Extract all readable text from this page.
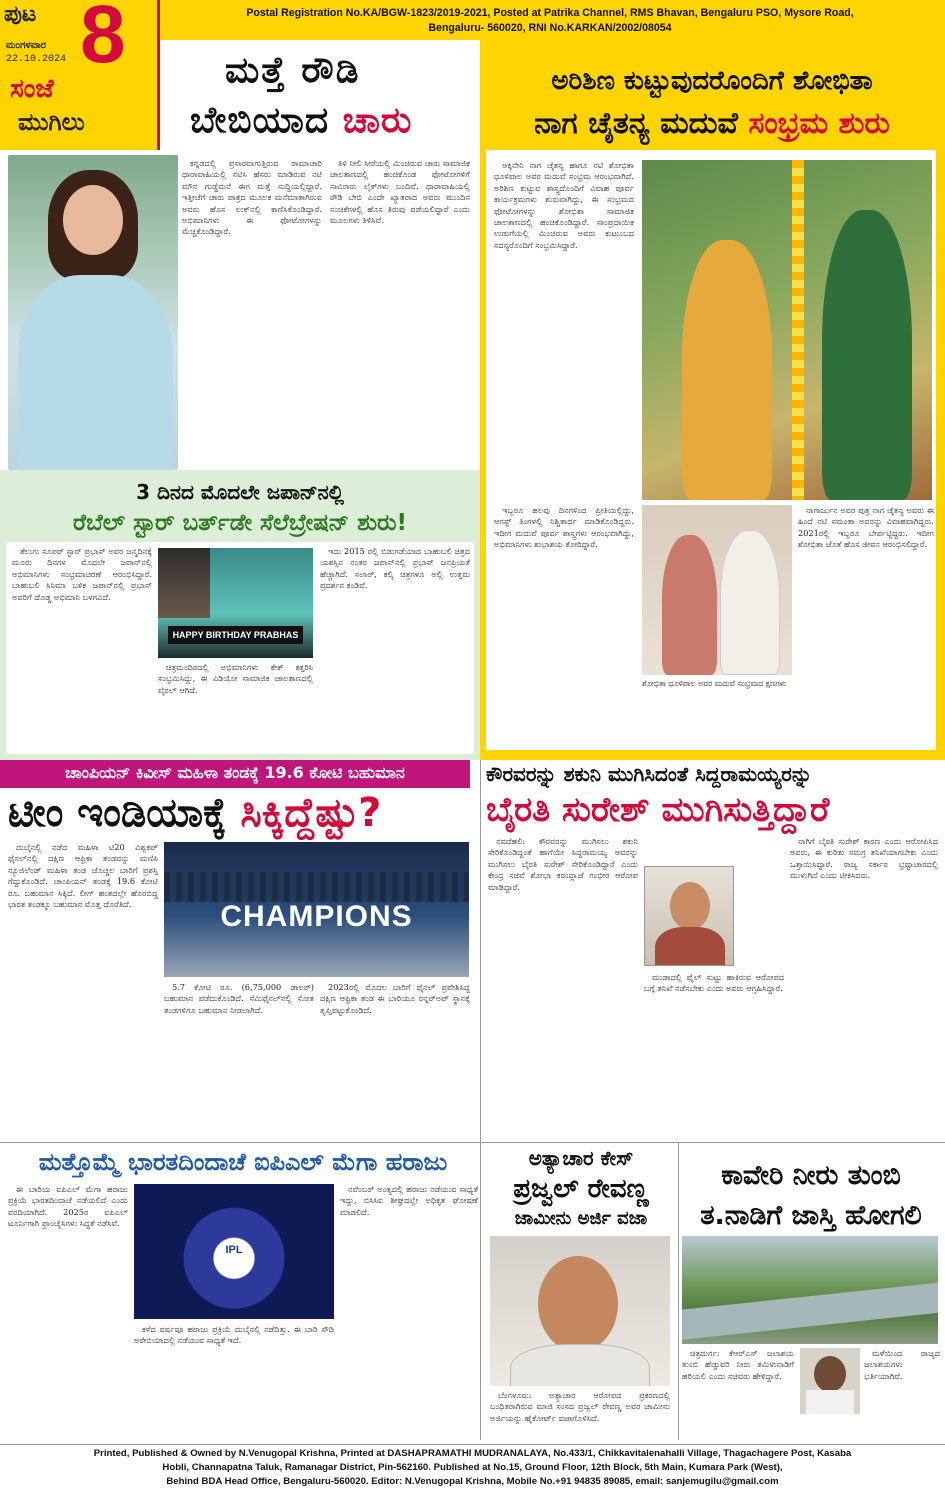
Postal Registration No.KA/BGW-1823/2019-2021, Posted at Patrika Channel, RMS Bhavan, Bengaluru PSO, Mysore Road,
Bengaluru- 560020, RNI No.KARKAN/2002/08054
ಪುಟ 8
ಮಂಗಳವಾರ
22.10.2024
ಸಂಜೆ
ಮುಗಿಲು
ಮತ್ತೆ ರೌಡಿ
ಬೇಬಿಯಾದ ಚಾರು

ಕನ್ನಡದಲ್ಲಿ ಪ್ರಸಾರವಾಗುತ್ತಿರುವ ರಾಮಾಚಾರಿ ಧಾರಾವಾಹಿಯಲ್ಲಿ ನಟಿಸಿ ಹೆಸರು ಮಾಡಿರುವ ನಟಿ ಮೌನ ಗುಡ್ಡೆಮನೆ ಈಗ ಮತ್ತೆ ಸುದ್ದಿಯಲ್ಲಿದ್ದಾರೆ. ಇತ್ತೀಚೆಗೆ ಚಾರು ಪಾತ್ರದ ಮೂಲಕ ಮನೆಮಾತಾಗಿರುವ ಅವರು ಹೊಸ ಲುಕ್‌ನಲ್ಲಿ ಕಾಣಿಸಿಕೊಂಡಿದ್ದಾರೆ. ಅಭಿಮಾನಿಗಳು ಈ ಫೋಟೋಗಳನ್ನು ಮೆಚ್ಚಿಕೊಂಡಿದ್ದಾರೆ.

ತಿಳಿ ನೀಲಿ ಸೀರೆಯಲ್ಲಿ ಮಿಂಚಿರುವ ಚಾರು ಸಾಮಾಜಿಕ ಜಾಲತಾಣದಲ್ಲಿ ಹಂಚಿಕೊಂಡ ಫೋಟೋಗಳಿಗೆ ಸಾವಿರಾರು ಲೈಕ್‌ಗಳು ಬಂದಿವೆ. ಧಾರಾವಾಹಿಯಲ್ಲಿ ರೌಡಿ ಬೇಬಿ ಎಂದೇ ಖ್ಯಾತರಾದ ಅವರು ಮುಂದಿನ ಸಂಚಿಕೆಗಳಲ್ಲಿ ಹೊಸ ತಿರುವು ಪಡೆಯಲಿದ್ದಾರೆ ಎಂದು ಮೂಲಗಳು ತಿಳಿಸಿವೆ.

ಅರಿಶಿಣ ಕುಟ್ಟುವುದರೊಂದಿಗೆ ಶೋಭಿತಾ
ನಾಗ ಚೈತನ್ಯ ಮದುವೆ ಸಂಭ್ರಮ ಶುರು

ಅಕ್ಕಿನೇನಿ ನಾಗ ಚೈತನ್ಯ ಹಾಗೂ ನಟಿ ಶೋಭಿತಾ ಧೂಳಿಪಾಲ ಅವರ ಮದುವೆ ಸಂಭ್ರಮ ಆರಂಭವಾಗಿದೆ. ಅರಿಶಿಣ ಕುಟ್ಟುವ ಶಾಸ್ತ್ರದೊಂದಿಗೆ ವಿವಾಹ ಪೂರ್ವ ಕಾರ್ಯಕ್ರಮಗಳು ಶುರುವಾಗಿದ್ದು, ಈ ಸಂಭ್ರಮದ ಫೋಟೋಗಳನ್ನು ಶೋಭಿತಾ ಸಾಮಾಜಿಕ ಜಾಲತಾಣದಲ್ಲಿ ಹಂಚಿಕೊಂಡಿದ್ದಾರೆ. ಸಾಂಪ್ರದಾಯಿಕ ಉಡುಗೆಯಲ್ಲಿ ಮಿಂಚಿರುವ ಅವರು ಕುಟುಂಬದ ಸದಸ್ಯರೊಂದಿಗೆ ಸಂಭ್ರಮಿಸಿದ್ದಾರೆ.

ಇಬ್ಬರೂ ಹಲವು ದಿನಗಳಿಂದ ಪ್ರೀತಿಯಲ್ಲಿದ್ದು, ಆಗಸ್ಟ್ ತಿಂಗಳಲ್ಲಿ ನಿಶ್ಚಿತಾರ್ಥ ಮಾಡಿಕೊಂಡಿದ್ದರು. ಇದೀಗ ಮದುವೆ ಪೂರ್ವ ಶಾಸ್ತ್ರಗಳು ಆರಂಭವಾಗಿದ್ದು, ಅಭಿಮಾನಿಗಳು ಶುಭಾಶಯ ಕೋರಿದ್ದಾರೆ.

ಶೋಭಿತಾ ಧೂಳಿಪಾಲ ಅವರ ಮದುವೆ ಸಂಭ್ರಮದ ಕ್ಷಣಗಳು

ನಾಗಾರ್ಜುನ ಅವರ ಪುತ್ರ ನಾಗ ಚೈತನ್ಯ ಅವರು ಈ ಹಿಂದೆ ನಟಿ ಸಮಂತಾ ಅವರನ್ನು ವಿವಾಹವಾಗಿದ್ದರು. 2021ರಲ್ಲಿ ಇಬ್ಬರೂ ಬೇರ್ಪಟ್ಟಿದ್ದರು. ಇದೀಗ ಶೋಭಿತಾ ಜೊತೆ ಹೊಸ ಜೀವನ ಆರಂಭಿಸಲಿದ್ದಾರೆ.

3 ದಿನದ ಮೊದಲೇ ಜಪಾನ್‌ನಲ್ಲಿ
ರೆಬೆಲ್ ಸ್ಟಾರ್ ಬರ್ತ್‌ಡೇ ಸೆಲೆಬ್ರೇಷನ್ ಶುರು!

ತೆಲುಗು ಸೂಪರ್ ಸ್ಟಾರ್ ಪ್ರಭಾಸ್ ಅವರ ಜನ್ಮದಿನಕ್ಕೆ ಮೂರು ದಿನಗಳ ಮೊದಲೇ ಜಪಾನ್‌ನಲ್ಲಿ ಅಭಿಮಾನಿಗಳು ಸಂಭ್ರಮಾಚರಣೆ ಆರಂಭಿಸಿದ್ದಾರೆ. ಬಾಹುಬಲಿ ಸಿನಿಮಾ ಬಳಿಕ ಜಪಾನ್‌ನಲ್ಲಿ ಪ್ರಭಾಸ್ ಅವರಿಗೆ ದೊಡ್ಡ ಅಭಿಮಾನಿ ಬಳಗವಿದೆ.

HAPPY BIRTHDAY PRABHAS

ಚಿತ್ರಮಂದಿರದಲ್ಲಿ ಅಭಿಮಾನಿಗಳು ಕೇಕ್ ಕತ್ತರಿಸಿ ಸಂಭ್ರಮಿಸಿದ್ದು, ಈ ವಿಡಿಯೋ ಸಾಮಾಜಿಕ ಜಾಲತಾಣದಲ್ಲಿ ವೈರಲ್ ಆಗಿದೆ.

ಇದು 2015 ರಲ್ಲಿ ಬಿಡುಗಡೆಯಾದ ಬಾಹುಬಲಿ ಚಿತ್ರದ ಯಶಸ್ಸಿನ ನಂತರ ಜಪಾನ್‌ನಲ್ಲಿ ಪ್ರಭಾಸ್ ಜನಪ್ರಿಯತೆ ಹೆಚ್ಚಾಗಿದೆ. ಸಲಾರ್, ಕಲ್ಕಿ ಚಿತ್ರಗಳೂ ಅಲ್ಲಿ ಉತ್ತಮ ಪ್ರದರ್ಶನ ಕಂಡಿವೆ.

ಚಾಂಪಿಯನ್ ಕಿವೀಸ್ ಮಹಿಳಾ ತಂಡಕ್ಕೆ 19.6 ಕೋಟಿ ಬಹುಮಾನ
ಟೀಂ ಇಂಡಿಯಾಕ್ಕೆ ಸಿಕ್ಕಿದ್ದೆಷ್ಟು?

ದುಬೈನಲ್ಲಿ ನಡೆದ ಮಹಿಳಾ ಟಿ20 ವಿಶ್ವಕಪ್ ಫೈನಲ್‌ನಲ್ಲಿ ದಕ್ಷಿಣ ಆಫ್ರಿಕಾ ತಂಡವನ್ನು ಮಣಿಸಿ ನ್ಯೂಜಿಲೆಂಡ್ ಮಹಿಳಾ ತಂಡ ಚೊಚ್ಚಲ ಬಾರಿಗೆ ಪ್ರಶಸ್ತಿ ಗೆದ್ದುಕೊಂಡಿದೆ. ಚಾಂಪಿಯನ್ ತಂಡಕ್ಕೆ 19.6 ಕೋಟಿ ರೂ. ಬಹುಮಾನ ಸಿಕ್ಕಿದೆ. ಲೀಗ್ ಹಂತದಲ್ಲೇ ಹೊರಬಿದ್ದ ಭಾರತ ತಂಡಕ್ಕೂ ಬಹುಮಾನ ಮೊತ್ತ ದೊರೆತಿದೆ.	CHAMPIONS

5.7 ಕೋಟಿ ರೂ. (6,75,000 ಡಾಲರ್) ಬಹುಮಾನ ಪಡೆದುಕೊಂಡಿದೆ. ಸೆಮಿಫೈನಲ್‌ನಲ್ಲಿ ಸೋತ ತಂಡಗಳಿಗೂ ಬಹುಮಾನ ನೀಡಲಾಗಿದೆ.

2023ರಲ್ಲಿ ಮೊದಲ ಬಾರಿಗೆ ಫೈನಲ್ ಪ್ರವೇಶಿಸಿದ್ದ ದಕ್ಷಿಣ ಆಫ್ರಿಕಾ ತಂಡ ಈ ಬಾರಿಯೂ ರನ್ನರ್‌ಅಪ್ ಸ್ಥಾನಕ್ಕೆ ತೃಪ್ತಿಪಟ್ಟುಕೊಂಡಿದೆ.

ಕೌರವರನ್ನು ಶಕುನಿ ಮುಗಿಸಿದಂತೆ ಸಿದ್ದರಾಮಯ್ಯರನ್ನು
ಬೈರತಿ ಸುರೇಶ್ ಮುಗಿಸುತ್ತಿದ್ದಾರೆ

ನವದೆಹಲಿ: ಕೌರವರನ್ನು ಮುಗಿಸಲು ಶಕುನಿ ಸೇರಿಕೊಂಡಿದ್ದಂತೆ ಹಾಗೆಯೇ ಸಿದ್ದರಾಮಯ್ಯ ಅವರನ್ನು ಮುಗಿಸಲು ಬೈರತಿ ಸುರೇಶ್ ಸೇರಿಕೊಂಡಿದ್ದಾರೆ ಎಂದು ಕೇಂದ್ರ ಸಚಿವೆ ಶೋಭಾ ಕರಂದ್ಲಾಜೆ ಗಂಭೀರ ಆರೋಪ ಮಾಡಿದ್ದಾರೆ.

ಮುಡಾದಲ್ಲಿ ಫೈಲ್ ಸುಟ್ಟು ಹಾಕಿರುವ ಆರೋಪದ ಬಗ್ಗೆ ತನಿಖೆ ನಡೆಸಬೇಕು ಎಂದು ಅವರು ಆಗ್ರಹಿಸಿದ್ದಾರೆ.

ನಾಗಿಗೆ ಬೈರತಿ ಸುರೇಶ್ ಕಾರಣ ಎಂದು ಆರೋಪಿಸಿದ ಅವರು, ಈ ಕುರಿತು ಸಮಗ್ರ ತನಿಖೆಯಾಗಬೇಕು ಎಂದು ಒತ್ತಾಯಿಸಿದ್ದಾರೆ. ರಾಜ್ಯ ಸರ್ಕಾರ ಭ್ರಷ್ಟಾಚಾರದಲ್ಲಿ ಮುಳುಗಿದೆ ಎಂದು ಟೀಕಿಸಿದರು.

ಅತ್ಯಾಚಾರ ಕೇಸ್
ಪ್ರಜ್ವಲ್ ರೇವಣ್ಣ
ಜಾಮೀನು ಅರ್ಜಿ ವಜಾ

ಬೆಂಗಳೂರು: ಅತ್ಯಾಚಾರ ಆರೋಪದ ಪ್ರಕರಣದಲ್ಲಿ ಬಂಧಿತರಾಗಿರುವ ಮಾಜಿ ಸಂಸದ ಪ್ರಜ್ವಲ್ ರೇವಣ್ಣ ಅವರ ಜಾಮೀನು ಅರ್ಜಿಯನ್ನು ಹೈಕೋರ್ಟ್ ವಜಾಗೊಳಿಸಿದೆ.

ಕಾವೇರಿ ನೀರು ತುಂಬಿ
ತ.ನಾಡಿಗೆ ಜಾಸ್ತಿ ಹೋಗಲಿ

ಚಿತ್ರದುರ್ಗ: ಕೆಆರ್‌ಎಸ್ ಜಲಾಶಯ ತುಂಬಿ ಹೆಚ್ಚುವರಿ ನೀರು ತಮಿಳುನಾಡಿಗೆ ಹರಿಯಲಿ ಎಂದು ಸಚಿವರು ಹೇಳಿದ್ದಾರೆ.

ಮಳೆಯಿಂದ ರಾಜ್ಯದ ಜಲಾಶಯಗಳು ಭರ್ತಿಯಾಗಿವೆ.

ಮತ್ತೊಮ್ಮೆ ಭಾರತದಿಂದಾಚೆ ಐಪಿಎಲ್ ಮೆಗಾ ಹರಾಜು

ಈ ಬಾರಿಯ ಐಪಿಎಲ್ ಮೆಗಾ ಹರಾಜು ಪ್ರಕ್ರಿಯೆ ಭಾರತದಿಂದಾಚೆ ನಡೆಯಲಿದೆ ಎಂದು ವರದಿಯಾಗಿದೆ. 2025ರ ಐಪಿಎಲ್ ಟೂರ್ನಿಗಾಗಿ ಫ್ರಾಂಚೈಸಿಗಳು ಸಿದ್ಧತೆ ನಡೆಸಿವೆ.

IPL

ಕಳೆದ ವರ್ಷವೂ ಹರಾಜು ಪ್ರಕ್ರಿಯೆ ದುಬೈನಲ್ಲಿ ನಡೆದಿತ್ತು. ಈ ಬಾರಿ ಸೌದಿ ಅರೇಬಿಯಾದಲ್ಲಿ ನಡೆಯುವ ಸಾಧ್ಯತೆ ಇದೆ.

ನವೆಂಬರ್ ಅಂತ್ಯದಲ್ಲಿ ಹರಾಜು ನಡೆಯುವ ಸಾಧ್ಯತೆ ಇದ್ದು, ಬಿಸಿಸಿಐ ಶೀಘ್ರದಲ್ಲೇ ಅಧಿಕೃತ ಘೋಷಣೆ ಮಾಡಲಿದೆ.

Printed, Published & Owned by N.Venugopal Krishna, Printed at DASHAPRAMATHI MUDRANALAYA, No.433/1, Chikkavitalenahalli Village, Thagachagere Post, Kasaba
Hobli, Channapatna Taluk, Ramanagar District, Pin-562160. Published at No.15, Ground Floor, 12th Block, 5th Main, Kumara Park (West),
Behind BDA Head Office, Bengaluru-560020. Editor: N.Venugopal Krishna, Mobile No.+91 94835 89085, email: sanjemugilu@gmail.com
